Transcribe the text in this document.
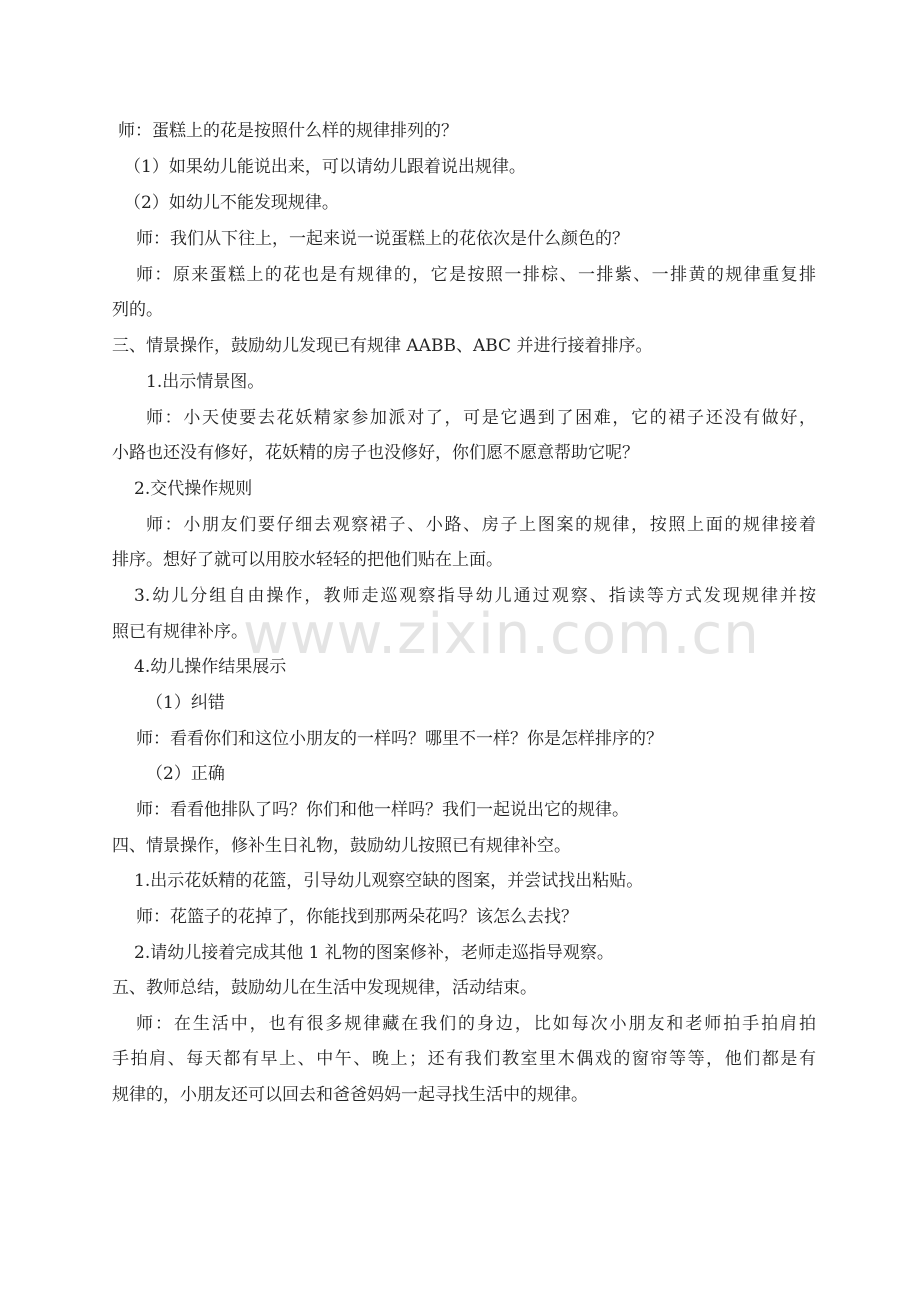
师：蛋糕上的花是按照什么样的规律排列的？
（1）如果幼儿能说出来，可以请幼儿跟着说出规律。
（2）如幼儿不能发现规律。
师：我们从下往上，一起来说一说蛋糕上的花依次是什么颜色的？
师：原来蛋糕上的花也是有规律的，它是按照一排棕、一排紫、一排黄的规律重复排
列的。
三、情景操作，鼓励幼儿发现已有规律 AABB、ABC 并进行接着排序。
1.出示情景图。
师：小天使要去花妖精家参加派对了，可是它遇到了困难，它的裙子还没有做好，
小路也还没有修好，花妖精的房子也没修好，你们愿不愿意帮助它呢？
2.交代操作规则
师：小朋友们要仔细去观察裙子、小路、房子上图案的规律，按照上面的规律接着
排序。想好了就可以用胶水轻轻的把他们贴在上面。
3.幼儿分组自由操作，教师走巡观察指导幼儿通过观察、指读等方式发现规律并按
照已有规律补序。
4.幼儿操作结果展示
（1）纠错
师：看看你们和这位小朋友的一样吗？哪里不一样？你是怎样排序的？
（2）正确
师：看看他排队了吗？你们和他一样吗？我们一起说出它的规律。
四、情景操作，修补生日礼物，鼓励幼儿按照已有规律补空。
1.出示花妖精的花篮，引导幼儿观察空缺的图案，并尝试找出粘贴。
师：花篮子的花掉了，你能找到那两朵花吗？该怎么去找？
2.请幼儿接着完成其他 1 礼物的图案修补，老师走巡指导观察。
五、教师总结，鼓励幼儿在生活中发现规律，活动结束。
师：在生活中，也有很多规律藏在我们的身边，比如每次小朋友和老师拍手拍肩拍
手拍肩、每天都有早上、中午、晚上；还有我们教室里木偶戏的窗帘等等，他们都是有
规律的，小朋友还可以回去和爸爸妈妈一起寻找生活中的规律。
www.zixin.com.cn
